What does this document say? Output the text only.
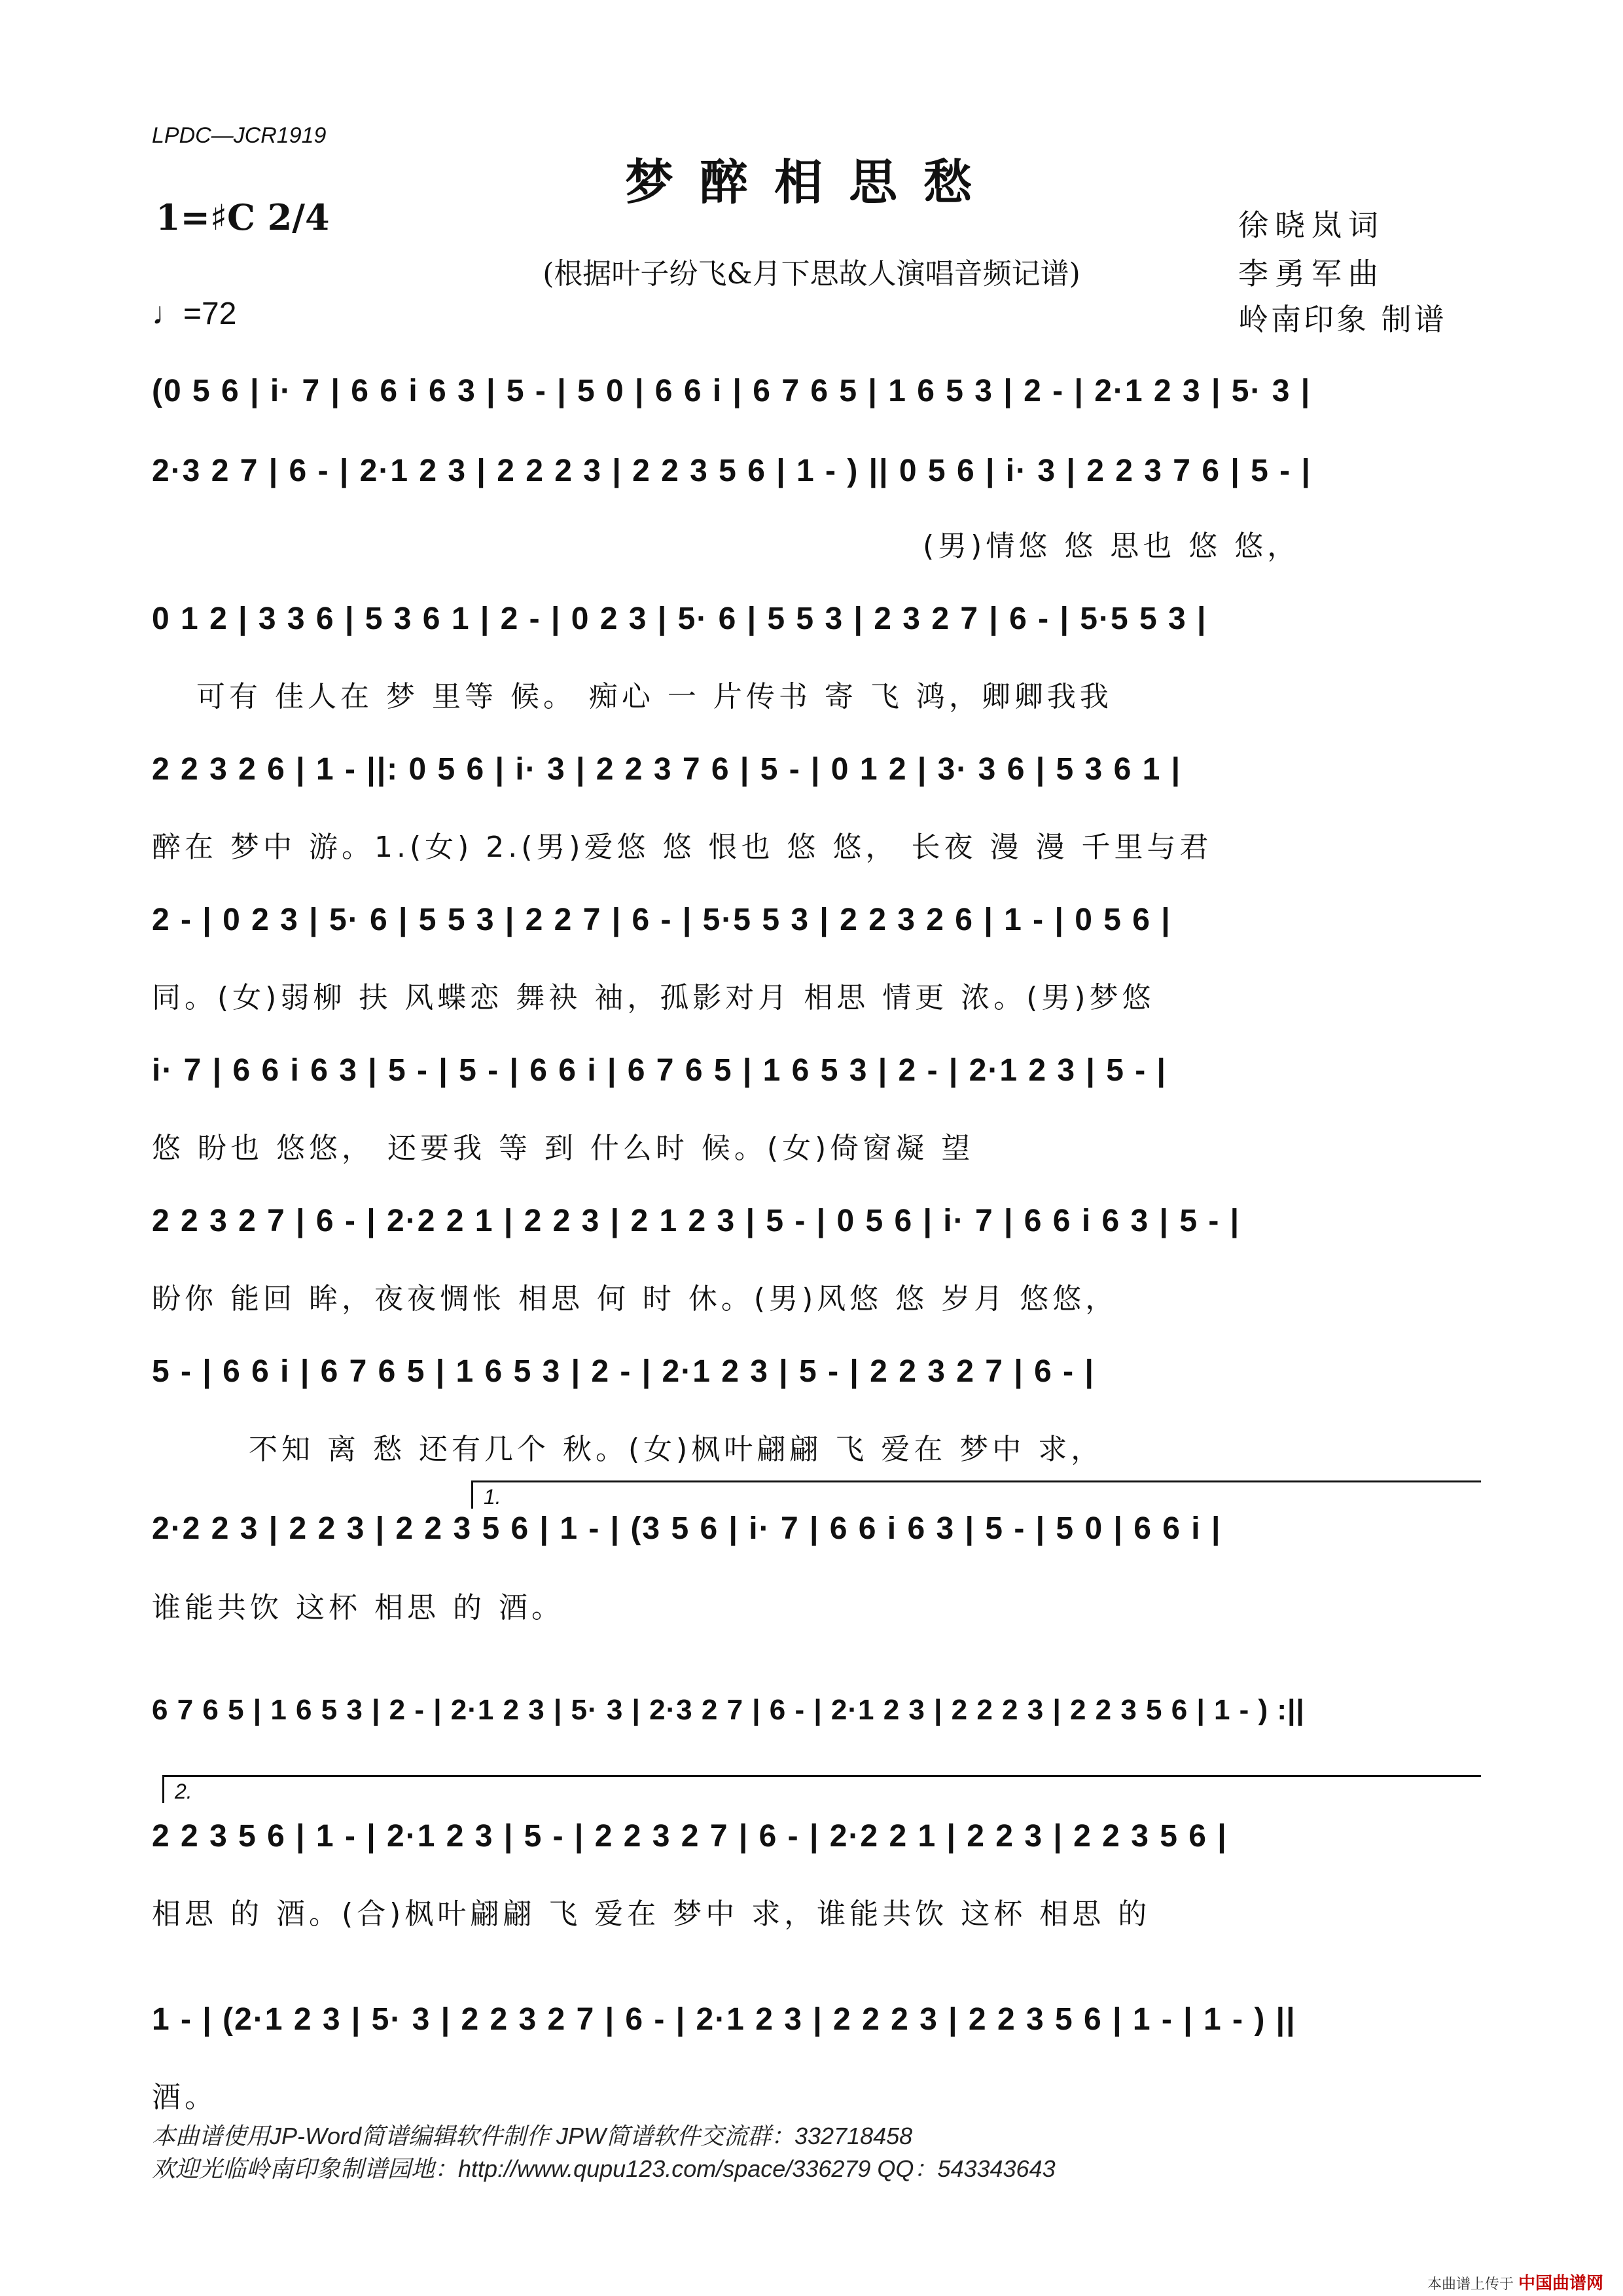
LPDC—JCR1919
梦醉相思愁
1=♯C 2/4
(根据叶子纷飞&月下思故人演唱音频记谱)
♩=72
徐晓岚词
李勇军曲
岭南印象 制谱
(0 5 6 | i· 7 | 6 6 i 6 3 | 5 - | 5 0 | 6 6 i | 6 7 6 5 | 1 6 5 3 | 2 - | 2·1 2 3 | 5· 3 |
2·3 2 7 | 6 - | 2·1 2 3 | 2 2 2 3 | 2 2 3 5 6 | 1 - ) || 0 5 6 | i· 3 | 2 2 3 7 6 | 5 - |
(男)情悠 悠 思也 悠 悠，
0 1 2 | 3 3 6 | 5 3 6 1 | 2 - | 0 2 3 | 5· 6 | 5 5 3 | 2 3 2 7 | 6 - | 5·5 5 3 |
可有 佳人在 梦 里等 候。 痴心 一 片传书 寄 飞 鸿，卿卿我我
2 2 3 2 6 | 1 - ||: 0 5 6 | i· 3 | 2 2 3 7 6 | 5 - | 0 1 2 | 3· 3 6 | 5 3 6 1 |
醉在 梦中 游。1.(女) 2.(男)爱悠 悠 恨也 悠 悠， 长夜 漫 漫 千里与君
2 - | 0 2 3 | 5· 6 | 5 5 3 | 2 2 7 | 6 - | 5·5 5 3 | 2 2 3 2 6 | 1 - | 0 5 6 |
同。(女)弱柳 扶 风蝶恋 舞袂 袖，孤影对月 相思 情更 浓。(男)梦悠
i· 7 | 6 6 i 6 3 | 5 - | 5 - | 6 6 i | 6 7 6 5 | 1 6 5 3 | 2 - | 2·1 2 3 | 5 - |
悠 盼也 悠悠， 还要我 等 到 什么时 候。(女)倚窗凝 望
2 2 3 2 7 | 6 - | 2·2 2 1 | 2 2 3 | 2 1 2 3 | 5 - | 0 5 6 | i· 7 | 6 6 i 6 3 | 5 - |
盼你 能回 眸，夜夜惆怅 相思 何 时 休。(男)风悠 悠 岁月 悠悠，
5 - | 6 6 i | 6 7 6 5 | 1 6 5 3 | 2 - | 2·1 2 3 | 5 - | 2 2 3 2 7 | 6 - |
不知 离 愁 还有几个 秋。(女)枫叶翩翩 飞 爱在 梦中 求，
1.
2·2 2 3 | 2 2 3 | 2 2 3 5 6 | 1 - | (3 5 6 | i· 7 | 6 6 i 6 3 | 5 - | 5 0 | 6 6 i |
谁能共饮 这杯 相思 的 酒。
6 7 6 5 | 1 6 5 3 | 2 - | 2·1 2 3 | 5· 3 | 2·3 2 7 | 6 - | 2·1 2 3 | 2 2 2 3 | 2 2 3 5 6 | 1 - ) :||
2.
2 2 3 5 6 | 1 - | 2·1 2 3 | 5 - | 2 2 3 2 7 | 6 - | 2·2 2 1 | 2 2 3 | 2 2 3 5 6 |
相思 的 酒。(合)枫叶翩翩 飞 爱在 梦中 求，谁能共饮 这杯 相思 的
1 - | (2·1 2 3 | 5· 3 | 2 2 3 2 7 | 6 - | 2·1 2 3 | 2 2 2 3 | 2 2 3 5 6 | 1 - | 1 - ) ||
酒。
本曲谱使用JP-Word简谱编辑软件制作 JPW简谱软件交流群：332718458
欢迎光临岭南印象制谱园地：http://www.qupu123.com/space/336279 QQ：543343643
本曲谱上传于 中国曲谱网
